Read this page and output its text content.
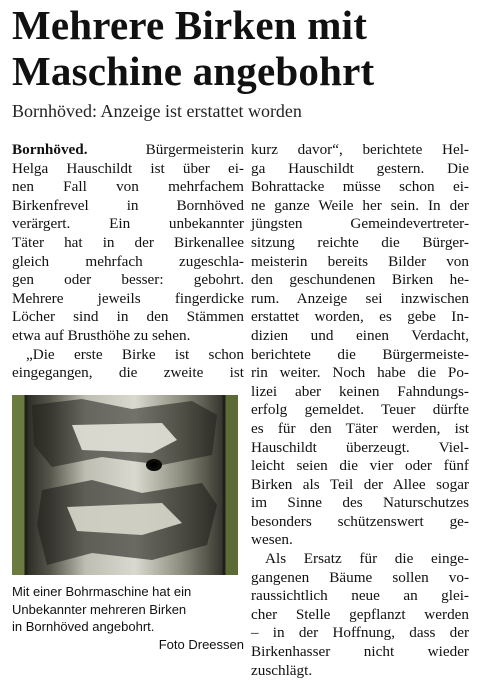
Mehrere Birken mit
Maschine angebohrt
Bornhöved: Anzeige ist erstattet worden
Bornhöved. Bürgermeisterin
Helga Hauschildt ist über ei-
nen Fall von mehrfachem
Birkenfrevel in Bornhöved
verärgert. Ein unbekannter
Täter hat in der Birkenallee
gleich mehrfach zugeschla-
gen oder besser: gebohrt.
Mehrere jeweils fingerdicke
Löcher sind in den Stämmen
etwa auf Brusthöhe zu sehen.
„Die erste Birke ist schon
eingegangen, die zweite ist
Mit einer Bohrmaschine hat ein
Unbekannter mehreren Birken
in Bornhöved angebohrt.
Foto Dreessen
kurz davor“, berichtete Hel-
ga Hauschildt gestern. Die
Bohrattacke müsse schon ei-
ne ganze Weile her sein. In der
jüngsten Gemeindevertreter-
sitzung reichte die Bürger-
meisterin bereits Bilder von
den geschundenen Birken he-
rum. Anzeige sei inzwischen
erstattet worden, es gebe In-
dizien und einen Verdacht,
berichtete die Bürgermeiste-
rin weiter. Noch habe die Po-
lizei aber keinen Fahndungs-
erfolg gemeldet. Teuer dürfte
es für den Täter werden, ist
Hauschildt überzeugt. Viel-
leicht seien die vier oder fünf
Birken als Teil der Allee sogar
im Sinne des Naturschutzes
besonders schützenswert ge-
wesen.
Als Ersatz für die einge-
gangenen Bäume sollen vo-
raussichtlich neue an glei-
cher Stelle gepflanzt werden
– in der Hoffnung, dass der
Birkenhasser nicht wieder
zuschlägt.
